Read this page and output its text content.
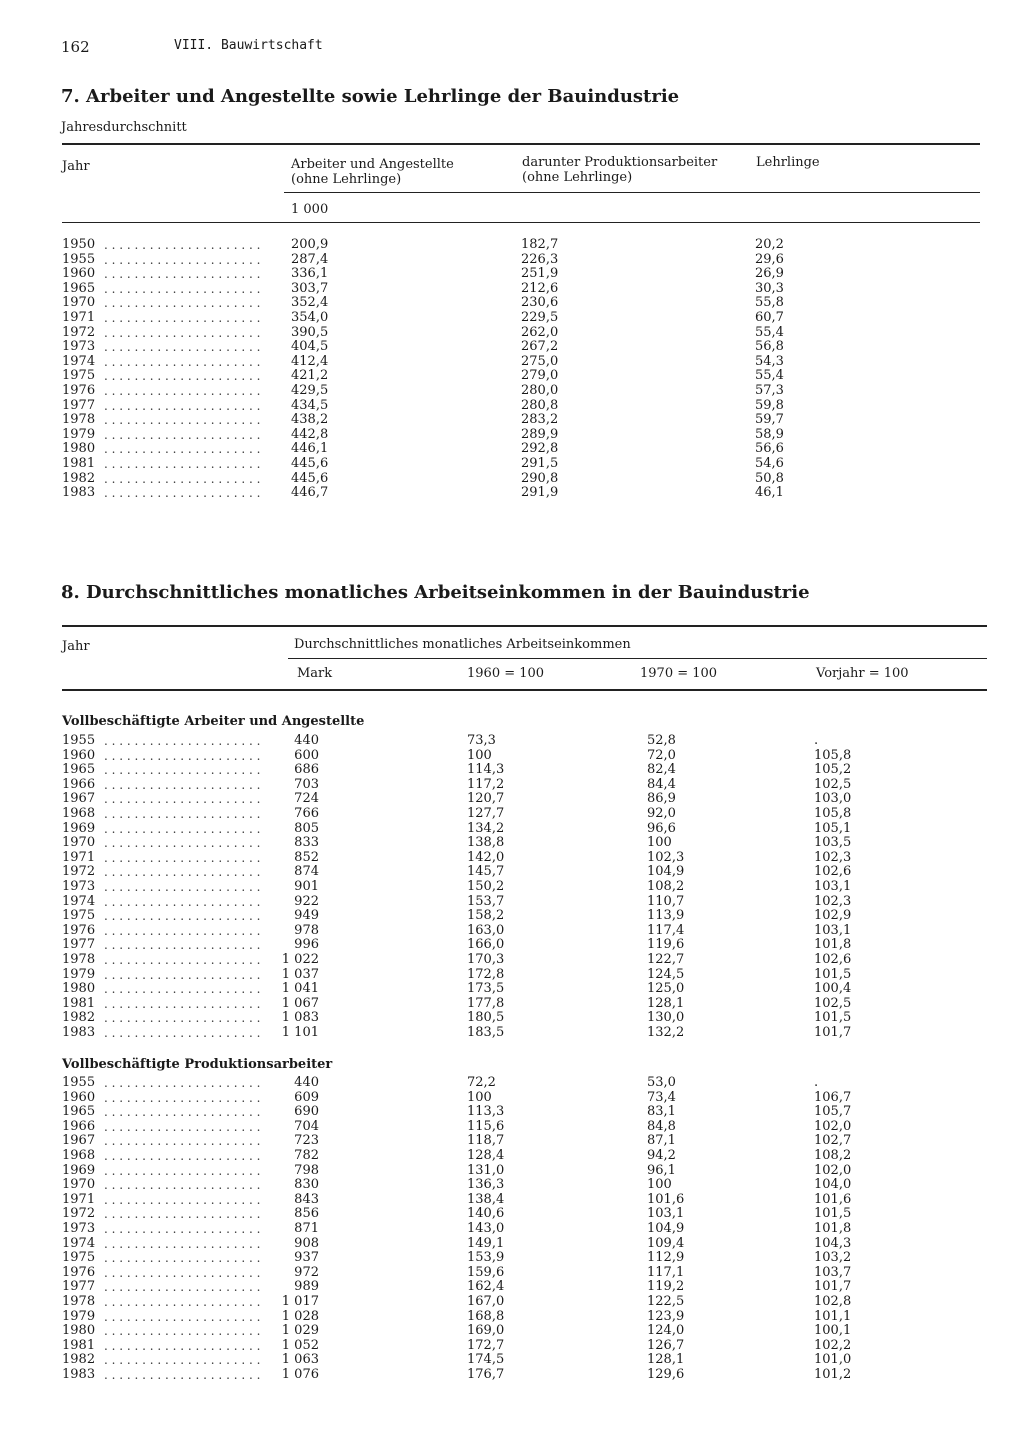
162	VIII. Bauwirtschaft
7. Arbeiter und Angestellte sowie Lehrlinge der Bauindustrie
Jahresdurchschnitt
Jahr	Arbeiter und Angestellte
(ohne Lehrlinge)
darunter Produktionsarbeiter
(ohne Lehrlinge)
Lehrlinge
1 000
1950 . . . . . . . . . . . . . . . . . . . . . 200,9	182,7	20,2
1955 . . . . . . . . . . . . . . . . . . . . . 287,4	226,3	29,6
1960 . . . . . . . . . . . . . . . . . . . . . 336,1	251,9	26,9
1965 . . . . . . . . . . . . . . . . . . . . . 303,7	212,6	30,3
1970 . . . . . . . . . . . . . . . . . . . . . 352,4	230,6	55,8
1971 . . . . . . . . . . . . . . . . . . . . . 354,0	229,5	60,7
1972 . . . . . . . . . . . . . . . . . . . . . 390,5	262,0	55,4
1973 . . . . . . . . . . . . . . . . . . . . . 404,5	267,2	56,8
1974 . . . . . . . . . . . . . . . . . . . . . 412,4	275,0	54,3
1975 . . . . . . . . . . . . . . . . . . . . . 421,2	279,0	55,4
1976 . . . . . . . . . . . . . . . . . . . . . 429,5	280,0	57,3
1977 . . . . . . . . . . . . . . . . . . . . . 434,5	280,8	59,8
1978 . . . . . . . . . . . . . . . . . . . . . 438,2	283,2	59,7
1979 . . . . . . . . . . . . . . . . . . . . . 442,8	289,9	58,9
1980 . . . . . . . . . . . . . . . . . . . . . 446,1	292,8	56,6
1981 . . . . . . . . . . . . . . . . . . . . . 445,6	291,5	54,6
1982 . . . . . . . . . . . . . . . . . . . . . 445,6	290,8	50,8
1983 . . . . . . . . . . . . . . . . . . . . . 446,7	291,9	46,1
8. Durchschnittliches monatliches Arbeitseinkommen in der Bauindustrie
Jahr	Durchschnittliches monatliches Arbeitseinkommen
Mark	1960 = 100	1970 = 100	Vorjahr = 100
Vollbeschäftigte Arbeiter und Angestellte
1955 . . . . . . . . . . . . . . . . . . . . .	440	73,3	52,8	.
1960 . . . . . . . . . . . . . . . . . . . . .	600	100	72,0	105,8
1965 . . . . . . . . . . . . . . . . . . . . .	686	114,3	82,4	105,2
1966 . . . . . . . . . . . . . . . . . . . . .	703	117,2	84,4	102,5
1967 . . . . . . . . . . . . . . . . . . . . .	724	120,7	86,9	103,0
1968 . . . . . . . . . . . . . . . . . . . . .	766	127,7	92,0	105,8
1969 . . . . . . . . . . . . . . . . . . . . .	805	134,2	96,6	105,1
1970 . . . . . . . . . . . . . . . . . . . . .	833	138,8	100	103,5
1971 . . . . . . . . . . . . . . . . . . . . .	852	142,0	102,3	102,3
1972 . . . . . . . . . . . . . . . . . . . . .	874	145,7	104,9	102,6
1973 . . . . . . . . . . . . . . . . . . . . .	901	150,2	108,2	103,1
1974 . . . . . . . . . . . . . . . . . . . . .	922	153,7	110,7	102,3
1975 . . . . . . . . . . . . . . . . . . . . .	949	158,2	113,9	102,9
1976 . . . . . . . . . . . . . . . . . . . . .	978	163,0	117,4	103,1
1977 . . . . . . . . . . . . . . . . . . . . .	996	166,0	119,6	101,8
1978 . . . . . . . . . . . . . . . . . . . . . 1 022	170,3	122,7	102,6
1979 . . . . . . . . . . . . . . . . . . . . . 1 037	172,8	124,5	101,5
1980 . . . . . . . . . . . . . . . . . . . . . 1 041	173,5	125,0	100,4
1981 . . . . . . . . . . . . . . . . . . . . . 1 067	177,8	128,1	102,5
1982 . . . . . . . . . . . . . . . . . . . . . 1 083	180,5	130,0	101,5
1983 . . . . . . . . . . . . . . . . . . . . . 1 101	183,5	132,2	101,7
Vollbeschäftigte Produktionsarbeiter
1955 . . . . . . . . . . . . . . . . . . . . .	440	72,2	53,0	.
1960 . . . . . . . . . . . . . . . . . . . . .	609	100	73,4	106,7
1965 . . . . . . . . . . . . . . . . . . . . .	690	113,3	83,1	105,7
1966 . . . . . . . . . . . . . . . . . . . . .	704	115,6	84,8	102,0
1967 . . . . . . . . . . . . . . . . . . . . .	723	118,7	87,1	102,7
1968 . . . . . . . . . . . . . . . . . . . . .	782	128,4	94,2	108,2
1969 . . . . . . . . . . . . . . . . . . . . .	798	131,0	96,1	102,0
1970 . . . . . . . . . . . . . . . . . . . . .	830	136,3	100	104,0
1971 . . . . . . . . . . . . . . . . . . . . .	843	138,4	101,6	101,6
1972 . . . . . . . . . . . . . . . . . . . . .	856	140,6	103,1	101,5
1973 . . . . . . . . . . . . . . . . . . . . .	871	143,0	104,9	101,8
1974 . . . . . . . . . . . . . . . . . . . . .	908	149,1	109,4	104,3
1975 . . . . . . . . . . . . . . . . . . . . .	937	153,9	112,9	103,2
1976 . . . . . . . . . . . . . . . . . . . . .	972	159,6	117,1	103,7
1977 . . . . . . . . . . . . . . . . . . . . .	989	162,4	119,2	101,7
1978 . . . . . . . . . . . . . . . . . . . . . 1 017	167,0	122,5	102,8
1979 . . . . . . . . . . . . . . . . . . . . . 1 028	168,8	123,9	101,1
1980 . . . . . . . . . . . . . . . . . . . . . 1 029	169,0	124,0	100,1
1981 . . . . . . . . . . . . . . . . . . . . . 1 052	172,7	126,7	102,2
1982 . . . . . . . . . . . . . . . . . . . . . 1 063	174,5	128,1	101,0
1983 . . . . . . . . . . . . . . . . . . . . . 1 076	176,7	129,6	101,2
